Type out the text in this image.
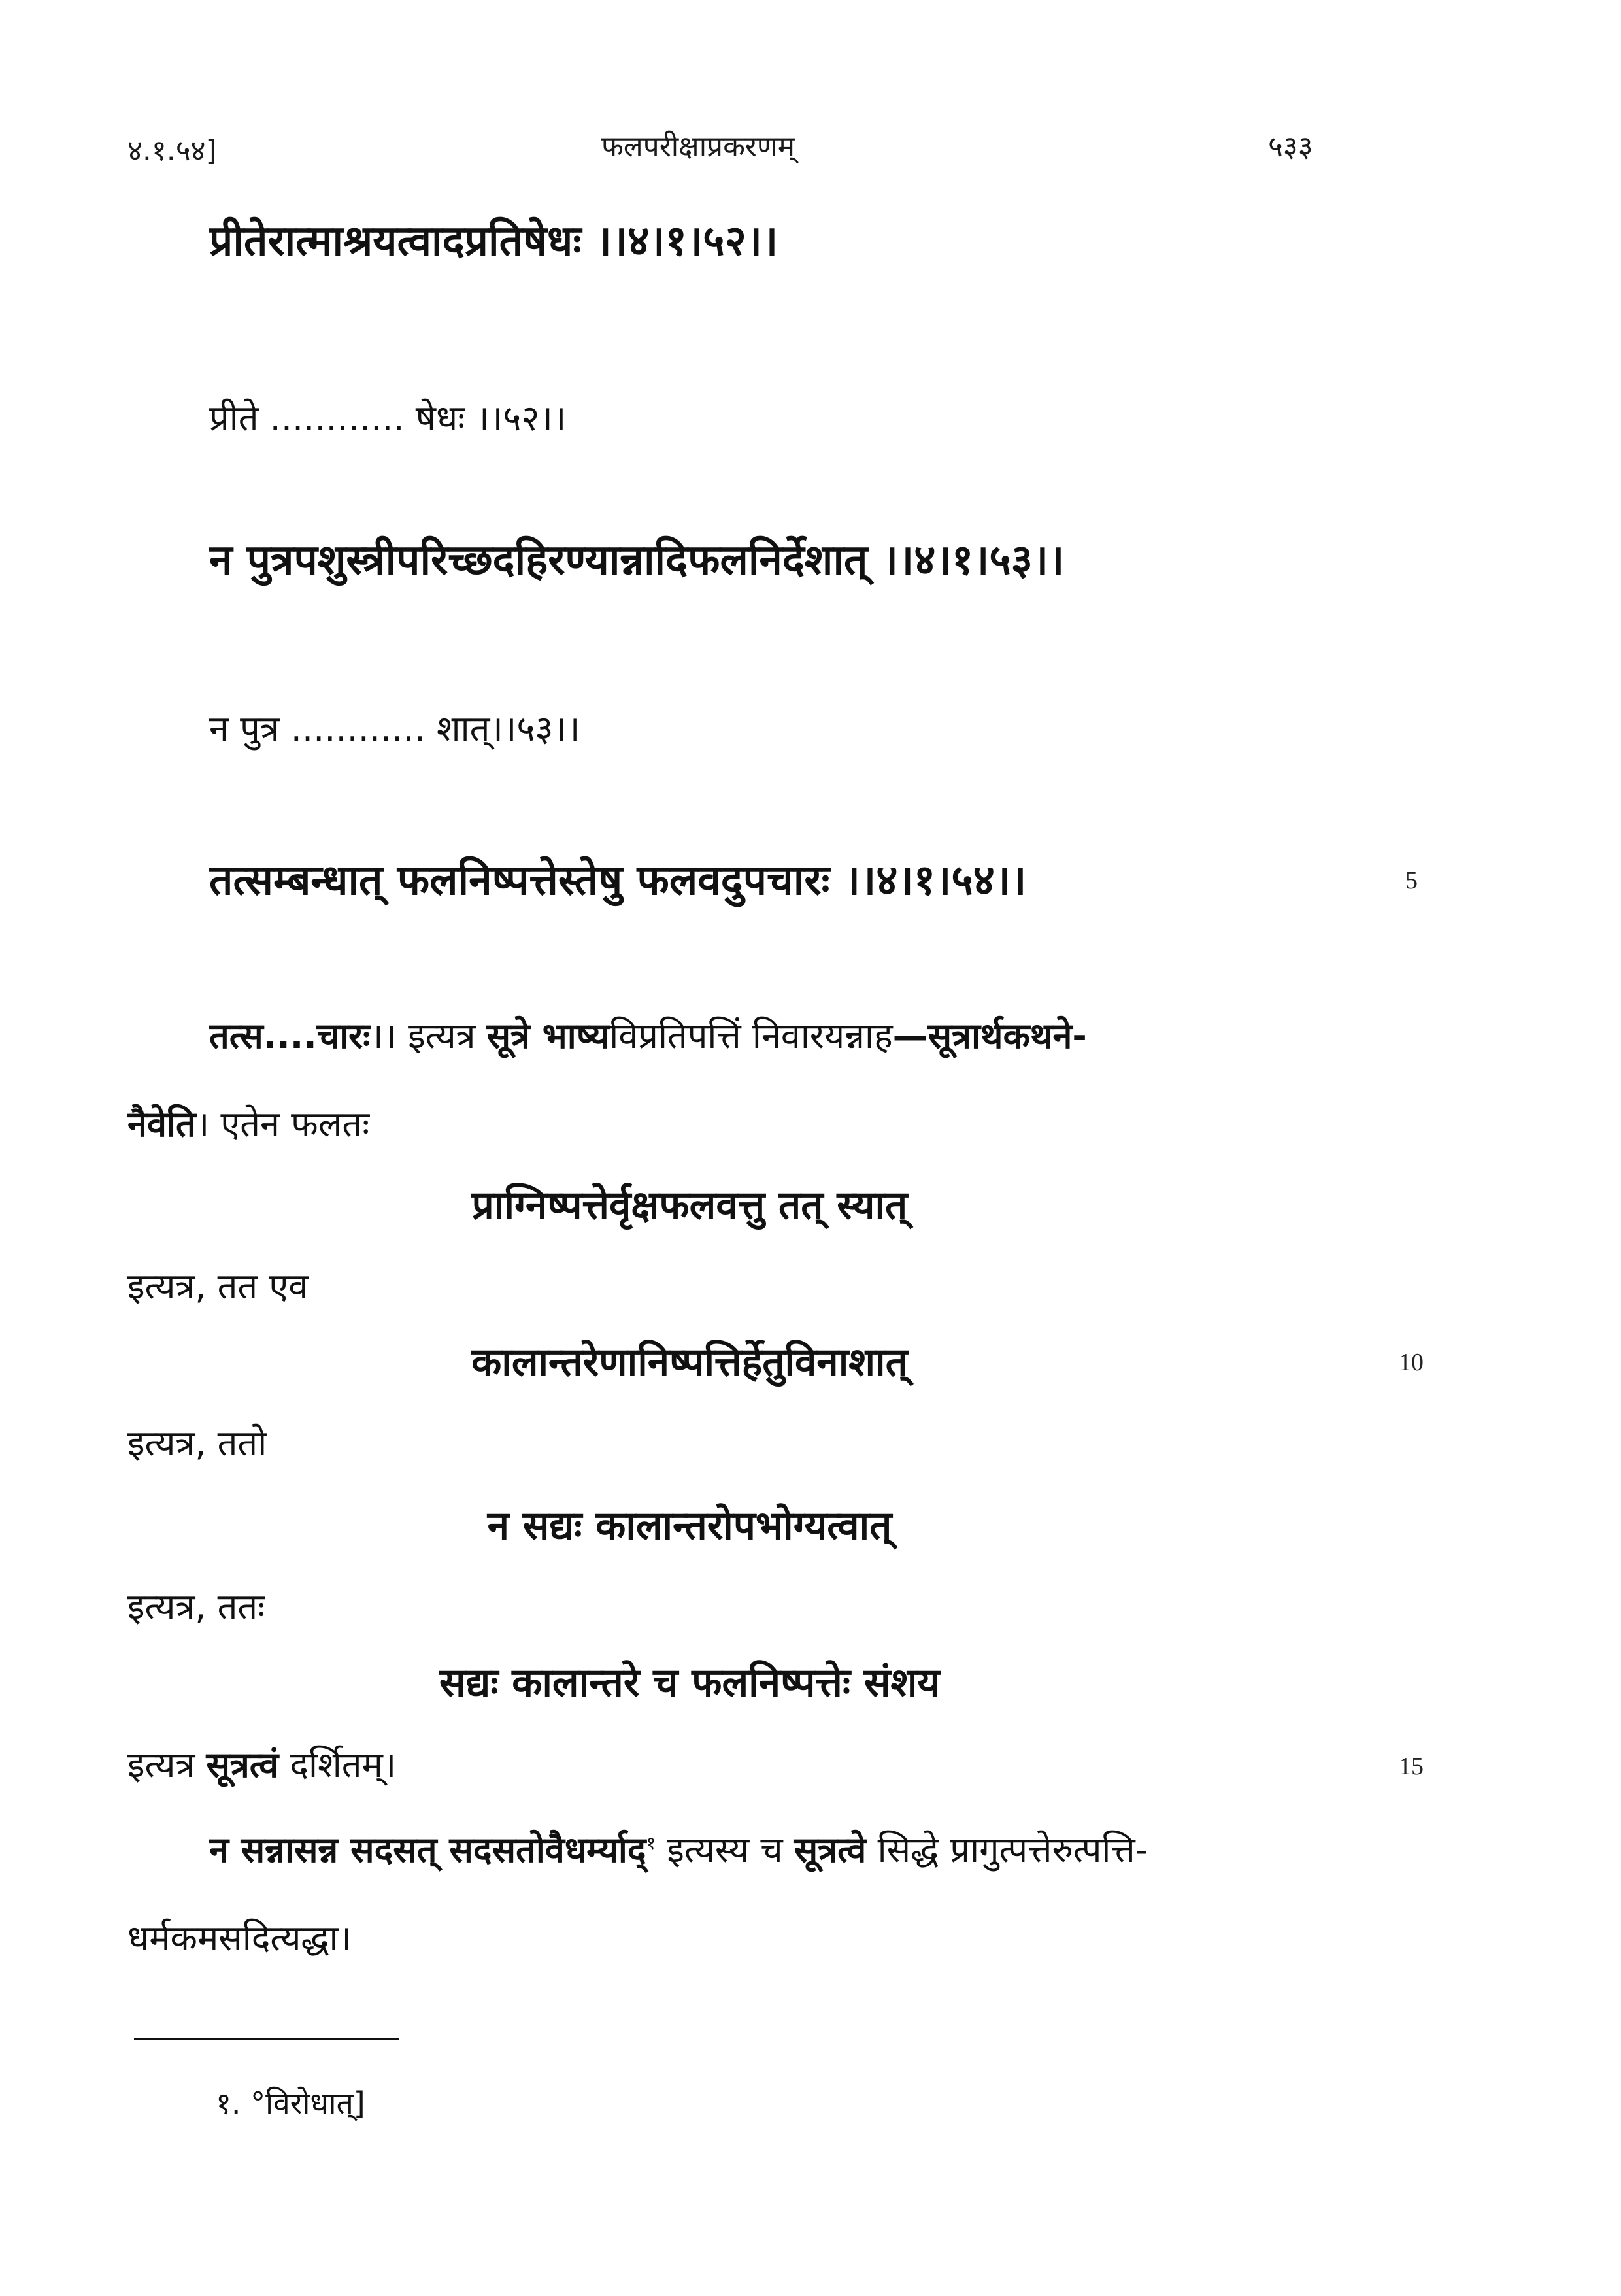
४.१.५४]	फलपरीक्षाप्रकरणम्	५३३
प्रीतेरात्माश्रयत्वादप्रतिषेधः ।।४।१।५२।।
प्रीते ............ षेधः ।।५२।।
न पुत्रपशुस्त्रीपरिच्छदहिरण्यान्नादिफलनिर्देशात् ।।४।१।५३।।
न पुत्र ............ शात्।।५३।।
तत्सम्बन्धात् फलनिष्पत्तेस्तेषु फलवदुपचारः ।।४।१।५४।।	5
तत्स....चारः।। इत्यत्र सूत्रे भाष्यविप्रतिपत्तिं निवारयन्नाह—सूत्रार्थकथने-
नैवेति। एतेन फलतः
प्राग्निष्पत्तेर्वृक्षफलवत्तु तत् स्यात्
इत्यत्र, तत एव
कालान्तरेणानिष्पत्तिर्हेतुविनाशात्	10
इत्यत्र, ततो
न सद्यः कालान्तरोपभोग्यत्वात्
इत्यत्र, ततः
सद्यः कालान्तरे च फलनिष्पत्तेः संशय
इत्यत्र सूत्रत्वं दर्शितम्।	15
न सन्नासन्न सदसत् सदसतोवैधर्म्याद्$^१$ इत्यस्य च सूत्रत्वे सिद्धे प्रागुत्पत्तेरुत्पत्ति-
धर्मकमसदित्यद्धा।
१. °विरोधात्]
